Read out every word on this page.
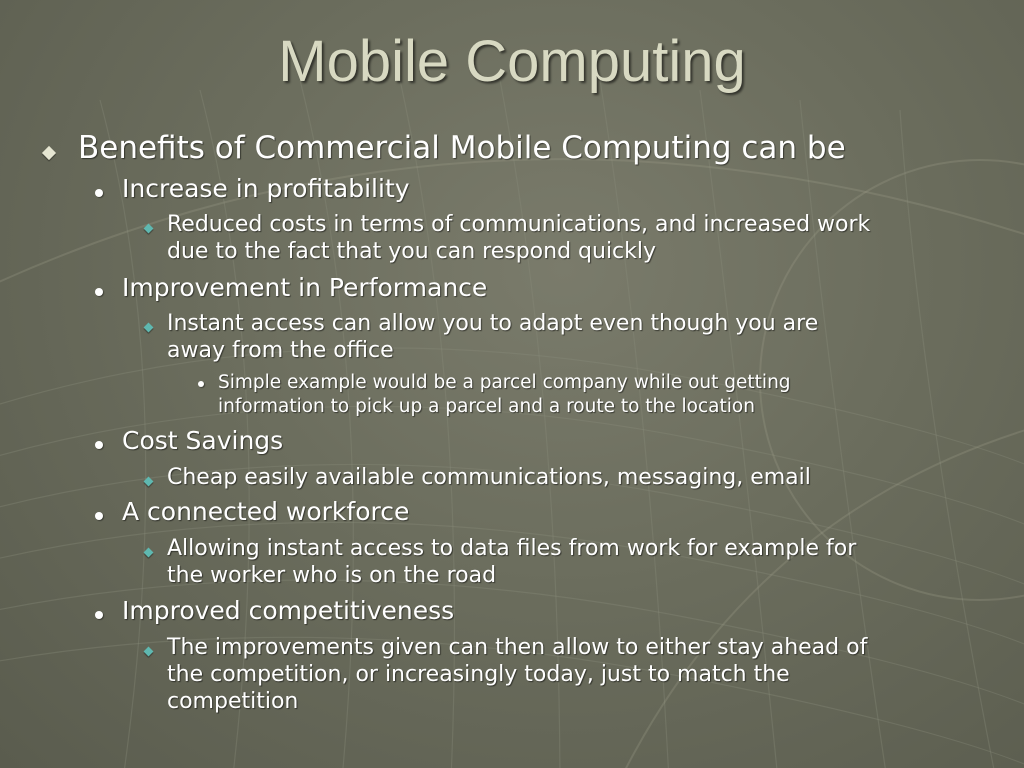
Mobile Computing
Benefits of Commercial Mobile Computing can be
Increase in profitability
Reduced costs in terms of communications, and increased work
due to the fact that you can respond quickly
Improvement in Performance
Instant access can allow you to adapt even though you are
away from the office
Simple example would be a parcel company while out getting
information to pick up a parcel and a route to the location
Cost Savings
Cheap easily available communications, messaging, email
A connected workforce
Allowing instant access to data files from work for example for
the worker who is on the road
Improved competitiveness
The improvements given can then allow to either stay ahead of
the competition, or increasingly today, just to match the
competition
